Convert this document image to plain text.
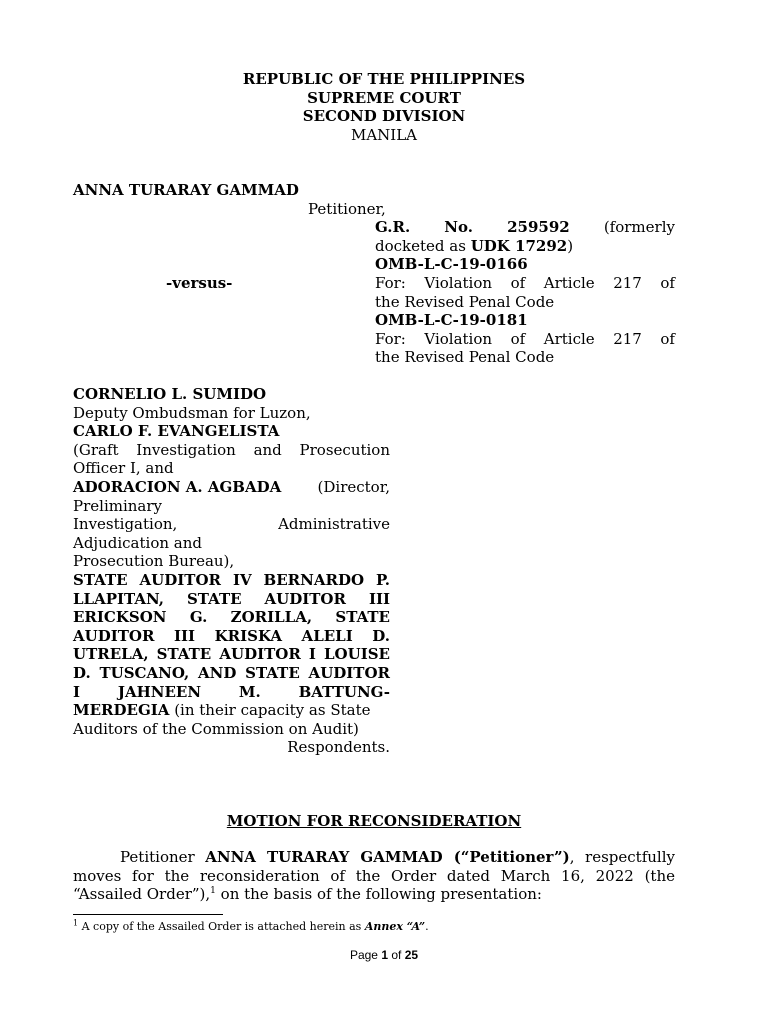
REPUBLIC OF THE PHILIPPINES
SUPREME COURT
SECOND DIVISION
MANILA
ANNA TURARAY GAMMAD
Petitioner,
G.R. No. 259592 (formerly
docketed as UDK 17292)
OMB-L-C-19-0166
-versus-	For: Violation of Article 217 of
the Revised Penal Code
OMB-L-C-19-0181
For: Violation of Article 217 of
the Revised Penal Code
CORNELIO L. SUMIDO
Deputy Ombudsman for Luzon,
CARLO F. EVANGELISTA
(Graft Investigation and Prosecution
Officer I, and
ADORACION A. AGBADA (Director,
Preliminary
Investigation,	Administrative
Adjudication and
Prosecution Bureau),
STATE AUDITOR IV BERNARDO P.
LLAPITAN, STATE AUDITOR III
ERICKSON G. ZORILLA, STATE
AUDITOR III KRISKA ALELI D.
UTRELA, STATE AUDITOR I LOUISE
D. TUSCANO, AND STATE AUDITOR
I JAHNEEN M. BATTUNG-
MERDEGIA (in their capacity as State
Auditors of the Commission on Audit)
Respondents.
MOTION FOR RECONSIDERATION

Petitioner ANNA TURARAY GAMMAD (“Petitioner”), respectfully moves for the reconsideration of the Order dated March 16, 2022 (the “Assailed Order”),$^1$ on the basis of the following presentation:

$^1$ A copy of the Assailed Order is attached herein as Annex “A”.
Page 1 of 25
